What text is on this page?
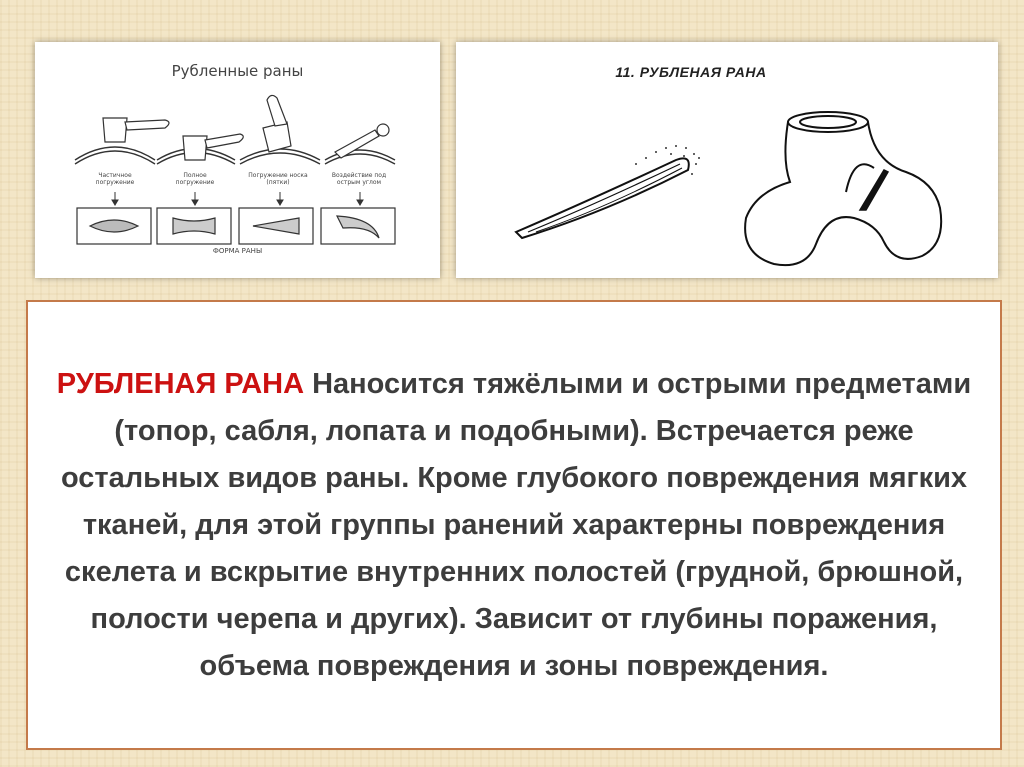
Рубленные раны
Частичное погружение
Полное погружение
Погружение носка (пятки)
Воздействие под острым углом
ФОРМА РАНЫ
11. РУБЛЕНАЯ РАНА

РУБЛЕНАЯ РАНА Наносится тяжёлыми и острыми предметами (топор, сабля, лопата и подобными). Встречается реже остальных видов раны. Кроме глубокого повреждения мягких тканей, для этой группы ранений характерны повреждения скелета и вскрытие внутренних полостей (грудной, брюшной, полости черепа и других). Зависит от глубины поражения, объема повреждения и зоны повреждения.
